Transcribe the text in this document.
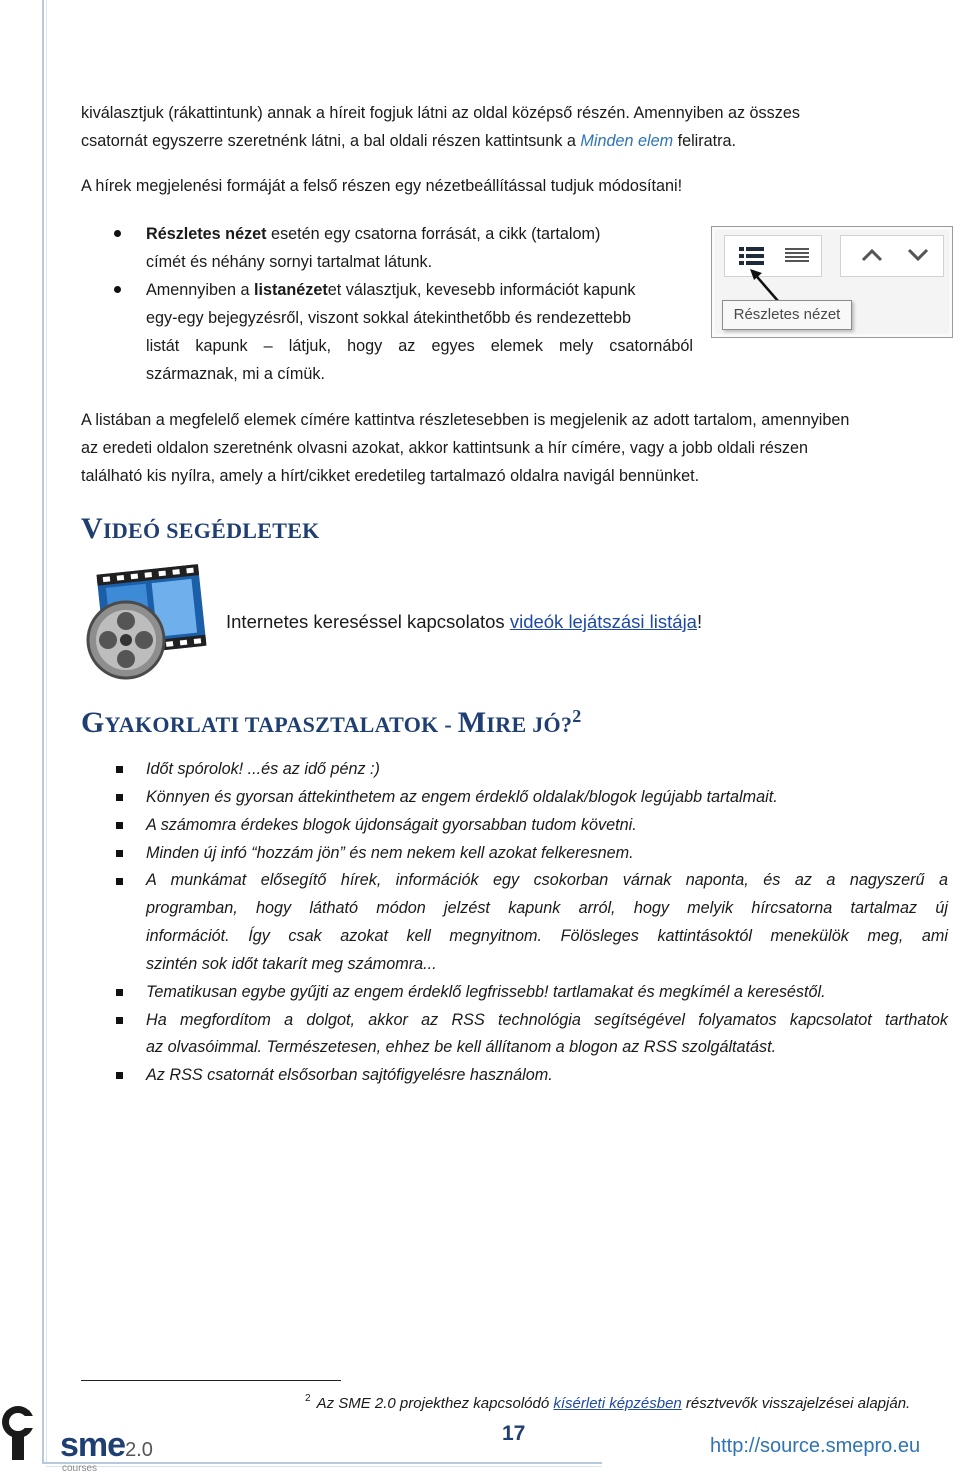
kiválasztjuk (rákattintunk) annak a híreit fogjuk látni az oldal középső részén. Amennyiben az összes
csatornát egyszerre szeretnénk látni, a bal oldali részen kattintsunk a Minden elem feliratra.
A hírek megjelenési formáját a felső részen egy nézetbeállítással tudjuk módosítani!
Részletes nézet esetén egy csatorna forrását, a cikk (tartalom)
címét és néhány sornyi tartalmat látunk.
Amennyiben a listanézetet választjuk, kevesebb információt kapunk
egy-egy bejegyzésről, viszont sokkal átekinthetőbb és rendezettebb
listát kapunk – látjuk, hogy az egyes elemek mely csatornából
származnak, mi a címük.
Részletes nézet
A listában a megfelelő elemek címére kattintva részletesebben is megjelenik az adott tartalom, amennyiben
az eredeti oldalon szeretnénk olvasni azokat, akkor kattintsunk a hír címére, vagy a jobb oldali részen
található kis nyílra, amely a hírt/cikket eredetileg tartalmazó oldalra navigál bennünket.
VIDEÓ SEGÉDLETEK
Internetes kereséssel kapcsolatos videók lejátszási listája!
GYAKORLATI TAPASZTALATOK - MIRE JÓ?$^2$
Időt spórolok! ...és az idő pénz :)
Könnyen és gyorsan áttekinthetem az engem érdeklő oldalak/blogok legújabb tartalmait.
A számomra érdekes blogok újdonságait gyorsabban tudom követni.
Minden új infó “hozzám jön” és nem nekem kell azokat felkeresnem.
A munkámat elősegítő hírek, információk egy csokorban várnak naponta, és az a nagyszerű a
programban, hogy látható módon jelzést kapunk arról, hogy melyik hírcsatorna tartalmaz új
információt. Így csak azokat kell megnyitnom. Fölösleges kattintásoktól menekülök meg, ami
szintén sok időt takarít meg számomra...
Tematikusan egybe gyűjti az engem érdeklő legfrissebb! tartlamakat és megkímél a kereséstől.
Ha megfordítom a dolgot, akkor az RSS technológia segítségével folyamatos kapcsolatot tarthatok
az olvasóimmal. Természetesen, ehhez be kell állítanom a blogon az RSS szolgáltatást.
Az RSS csatornát elsősorban sajtófigyelésre használom.
$^2$ Az SME 2.0 projekthez kapcsolódó kísérleti képzésben résztvevők visszajelzései alapján.
sme2.0
courses
17
http://source.smepro.eu
